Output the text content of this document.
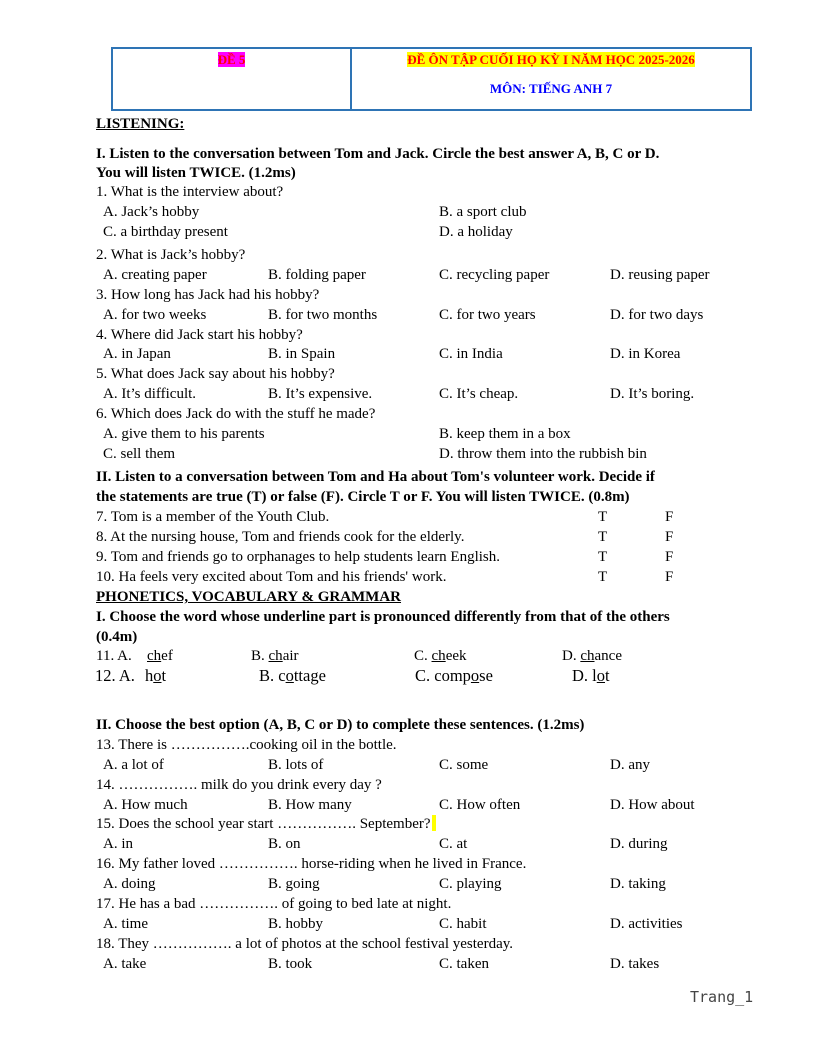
ĐỀ 5	ĐỀ ÔN TẬP CUỐI HỌ KỲ I NĂM HỌC 2025-2026
MÔN: TIẾNG ANH 7
LISTENING:
I. Listen to the conversation between Tom and Jack. Circle the best answer A, B, C or D.
You will listen TWICE. (1.2ms)
1. What is the interview about?
A. Jack’s hobby	B. a sport club
C. a birthday present	D. a holiday
2. What is Jack’s hobby?
A. creating paper	B. folding paper	C. recycling paper	D. reusing paper
3. How long has Jack had his hobby?
A. for two weeks	B. for two months	C. for two years	D. for two days
4. Where did Jack start his hobby?
A. in Japan	B. in Spain	C. in India	D. in Korea
5. What does Jack say about his hobby?
A. It’s difficult.	B. It’s expensive.	C. It’s cheap.	D. It’s boring.
6. Which does Jack do with the stuff he made?
A. give them to his parents	B. keep them in a box
C. sell them	D. throw them into the rubbish bin
II. Listen to a conversation between Tom and Ha about Tom's volunteer work. Decide if
the statements are true (T) or false (F). Circle T or F. You will listen TWICE. (0.8m)
7. Tom is a member of the Youth Club.	T	F
8. At the nursing house, Tom and friends cook for the elderly.	T	F
9. Tom and friends go to orphanages to help students learn English.	T	F
10. Ha feels very excited about Tom and his friends' work.	T	F
PHONETICS, VOCABULARY & GRAMMAR
I. Choose the word whose underline part is pronounced differently from that of the others
(0.4m)
11. A. chef	B. chair	C. cheek	D. chance
12. A. hot	B. cottage	C. compose	D. lot
II. Choose the best option (A, B, C or D) to complete these sentences. (1.2ms)
13. There is …………….cooking oil in the bottle.
A. a lot of	B. lots of	C. some	D. any
14. ……………. milk do you drink every day ?
A. How much	B. How many	C. How often	D. How about
15. Does the school year start ……………. September?
A. in	B. on	C. at	D. during
16. My father loved ……………. horse-riding when he lived in France.
A. doing	B. going	C. playing	D. taking
17. He has a bad ……………. of going to bed late at night.
A. time	B. hobby	C. habit	D. activities
18. They ……………. a lot of photos at the school festival yesterday.
A. take	B. took	C. taken	D. takes
Trang_1
